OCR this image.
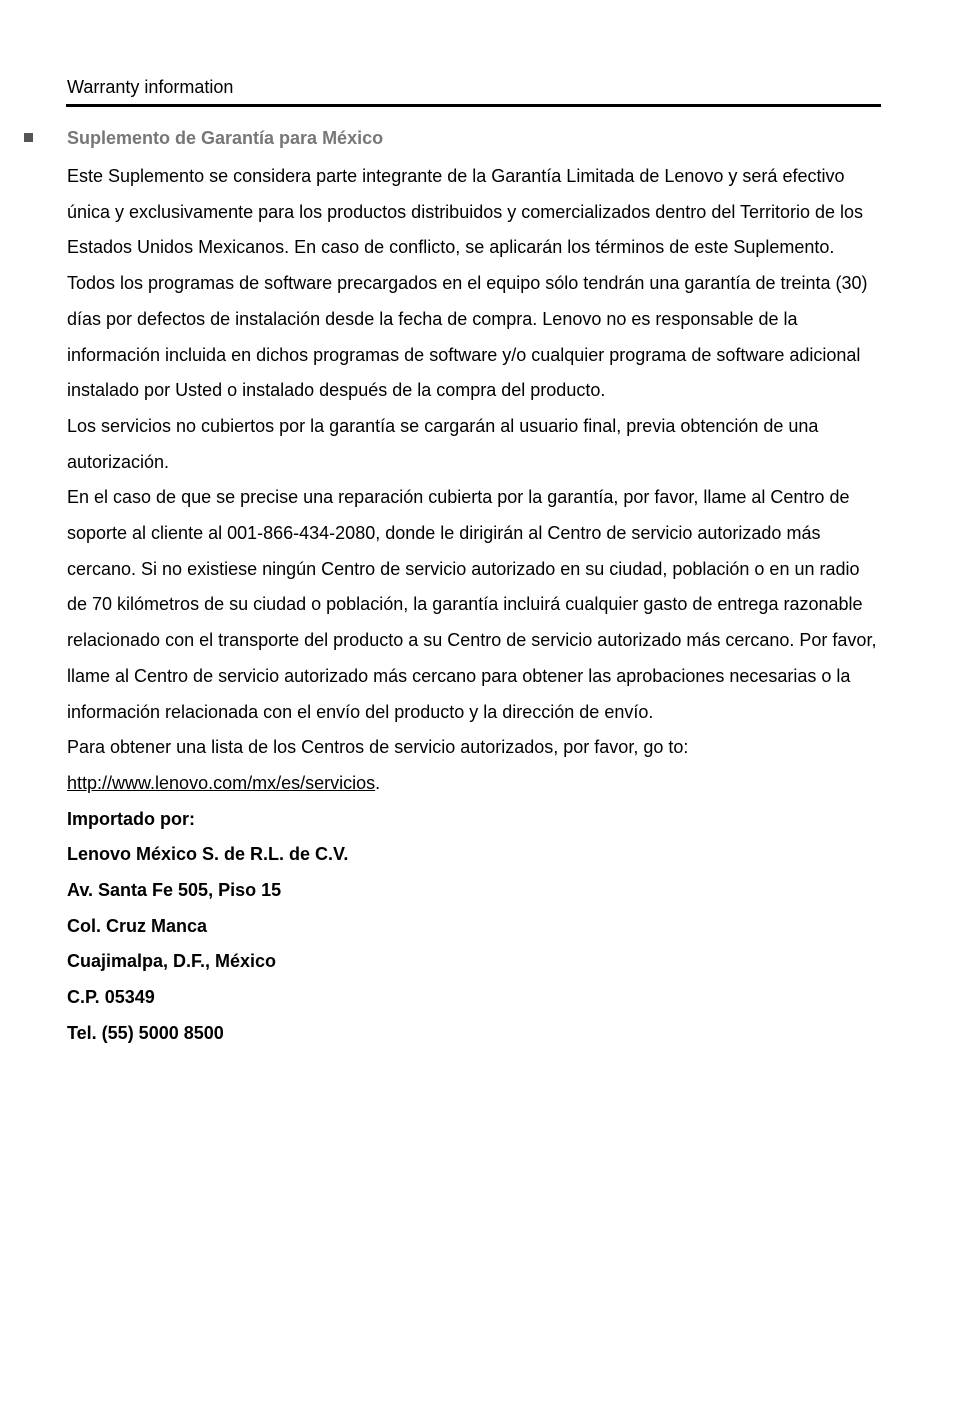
Warranty information
Suplemento de Garantía para México

Este Suplemento se considera parte integrante de la Garantía Limitada de Lenovo y será efectivo única y exclusivamente para los productos distribuidos y comercializados dentro del Territorio de los Estados Unidos Mexicanos. En caso de conflicto, se aplicarán los términos de este Suplemento.

Todos los programas de software precargados en el equipo sólo tendrán una garantía de treinta (30) días por defectos de instalación desde la fecha de compra. Lenovo no es responsable de la información incluida en dichos programas de software y/o cualquier programa de software adicional instalado por Usted o instalado después de la compra del producto.

Los servicios no cubiertos por la garantía se cargarán al usuario final, previa obtención de una autorización.

En el caso de que se precise una reparación cubierta por la garantía, por favor, llame al Centro de soporte al cliente al 001-866-434-2080, donde le dirigirán al Centro de servicio autorizado más cercano. Si no existiese ningún Centro de servicio autorizado en su ciudad, población o en un radio de 70 kilómetros de su ciudad o población, la garantía incluirá cualquier gasto de entrega razonable relacionado con el transporte del producto a su Centro de servicio autorizado más cercano. Por favor, llame al Centro de servicio autorizado más cercano para obtener las aprobaciones necesarias o la información relacionada con el envío del producto y la dirección de envío.

Para obtener una lista de los Centros de servicio autorizados, por favor, go to:

http://www.lenovo.com/mx/es/servicios.

Importado por:

Lenovo México S. de R.L. de C.V.

Av. Santa Fe 505, Piso 15

Col. Cruz Manca

Cuajimalpa, D.F., México

C.P. 05349

Tel. (55) 5000 8500
